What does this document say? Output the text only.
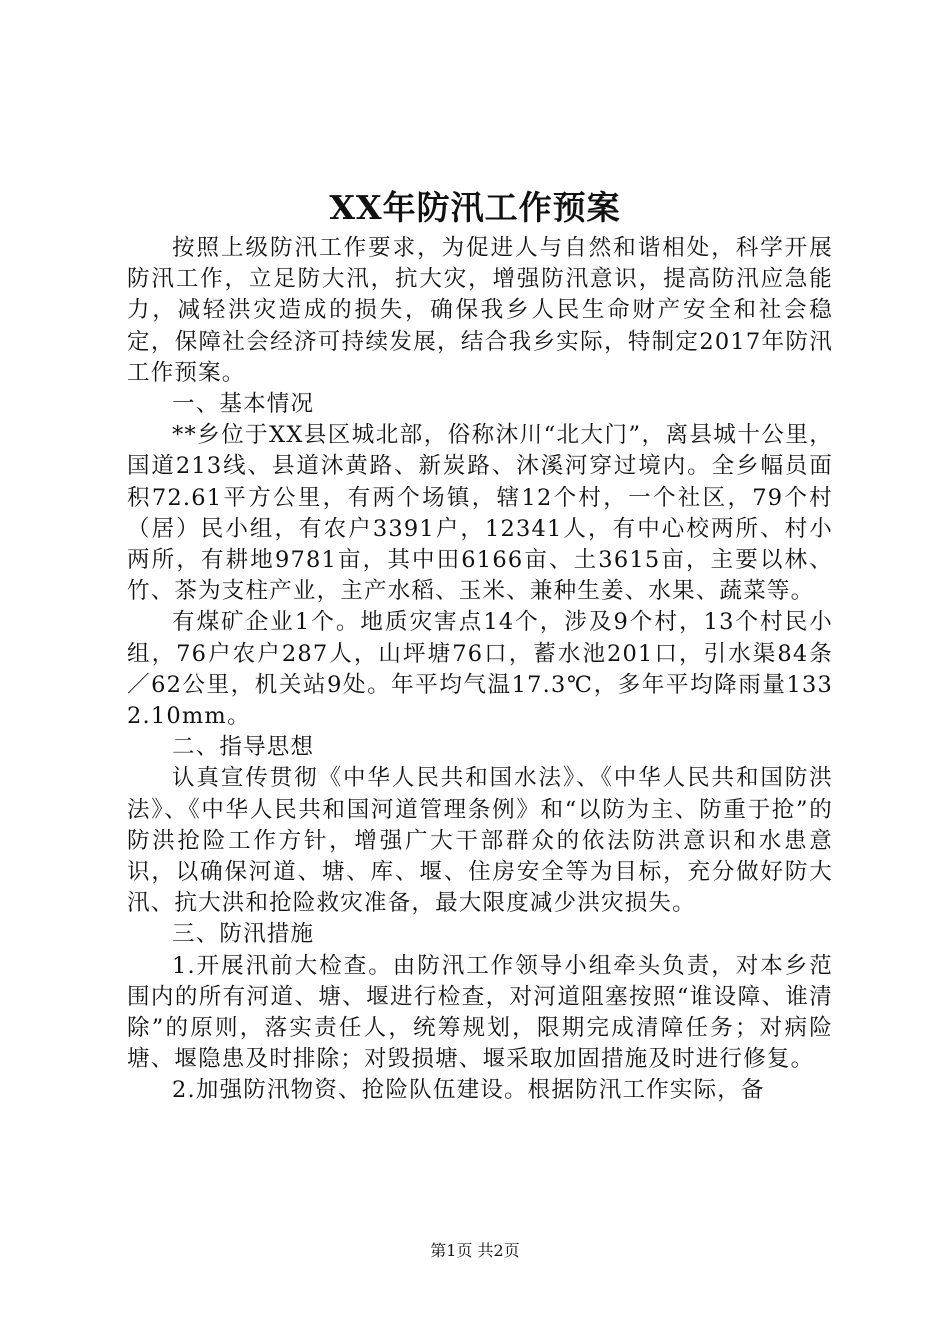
XX年防汛工作预案

按照上级防汛工作要求，为促进人与自然和谐相处，科学开展防汛工作，立足防大汛，抗大灾，增强防汛意识，提高防汛应急能力，减轻洪灾造成的损失，确保我乡人民生命财产安全和社会稳定，保障社会经济可持续发展，结合我乡实际，特制定2017年防汛工作预案。

一、基本情况

**乡位于XX县区城北部，俗称沐川“北大门”，离县城十公里，国道213线、县道沐黄路、新炭路、沐溪河穿过境内。全乡幅员面积72.61平方公里，有两个场镇，辖12个村，一个社区，79个村（居）民小组，有农户3391户，12341人，有中心校两所、村小两所，有耕地9781亩，其中田6166亩、土3615亩，主要以林、竹、茶为支柱产业，主产水稻、玉米、兼种生姜、水果、蔬菜等。

有煤矿企业1个。地质灾害点14个，涉及9个村，13个村民小组，76户农户287人，山坪塘76口，蓄水池201口，引水渠84条／62公里，机关站9处。年平均气温17.3℃，多年平均降雨量1332.10mm。

二、指导思想

认真宣传贯彻《中华人民共和国水法》、《中华人民共和国防洪法》、《中华人民共和国河道管理条例》和“以防为主、防重于抢”的防洪抢险工作方针，增强广大干部群众的依法防洪意识和水患意识，以确保河道、塘、库、堰、住房安全等为目标，充分做好防大汛、抗大洪和抢险救灾准备，最大限度减少洪灾损失。

三、防汛措施

1.开展汛前大检查。由防汛工作领导小组牵头负责，对本乡范围内的所有河道、塘、堰进行检查，对河道阻塞按照“谁设障、谁清除”的原则，落实责任人，统筹规划，限期完成清障任务；对病险塘、堰隐患及时排除；对毁损塘、堰采取加固措施及时进行修复。

2.加强防汛物资、抢险队伍建设。根据防汛工作实际，备

第1页 共2页
